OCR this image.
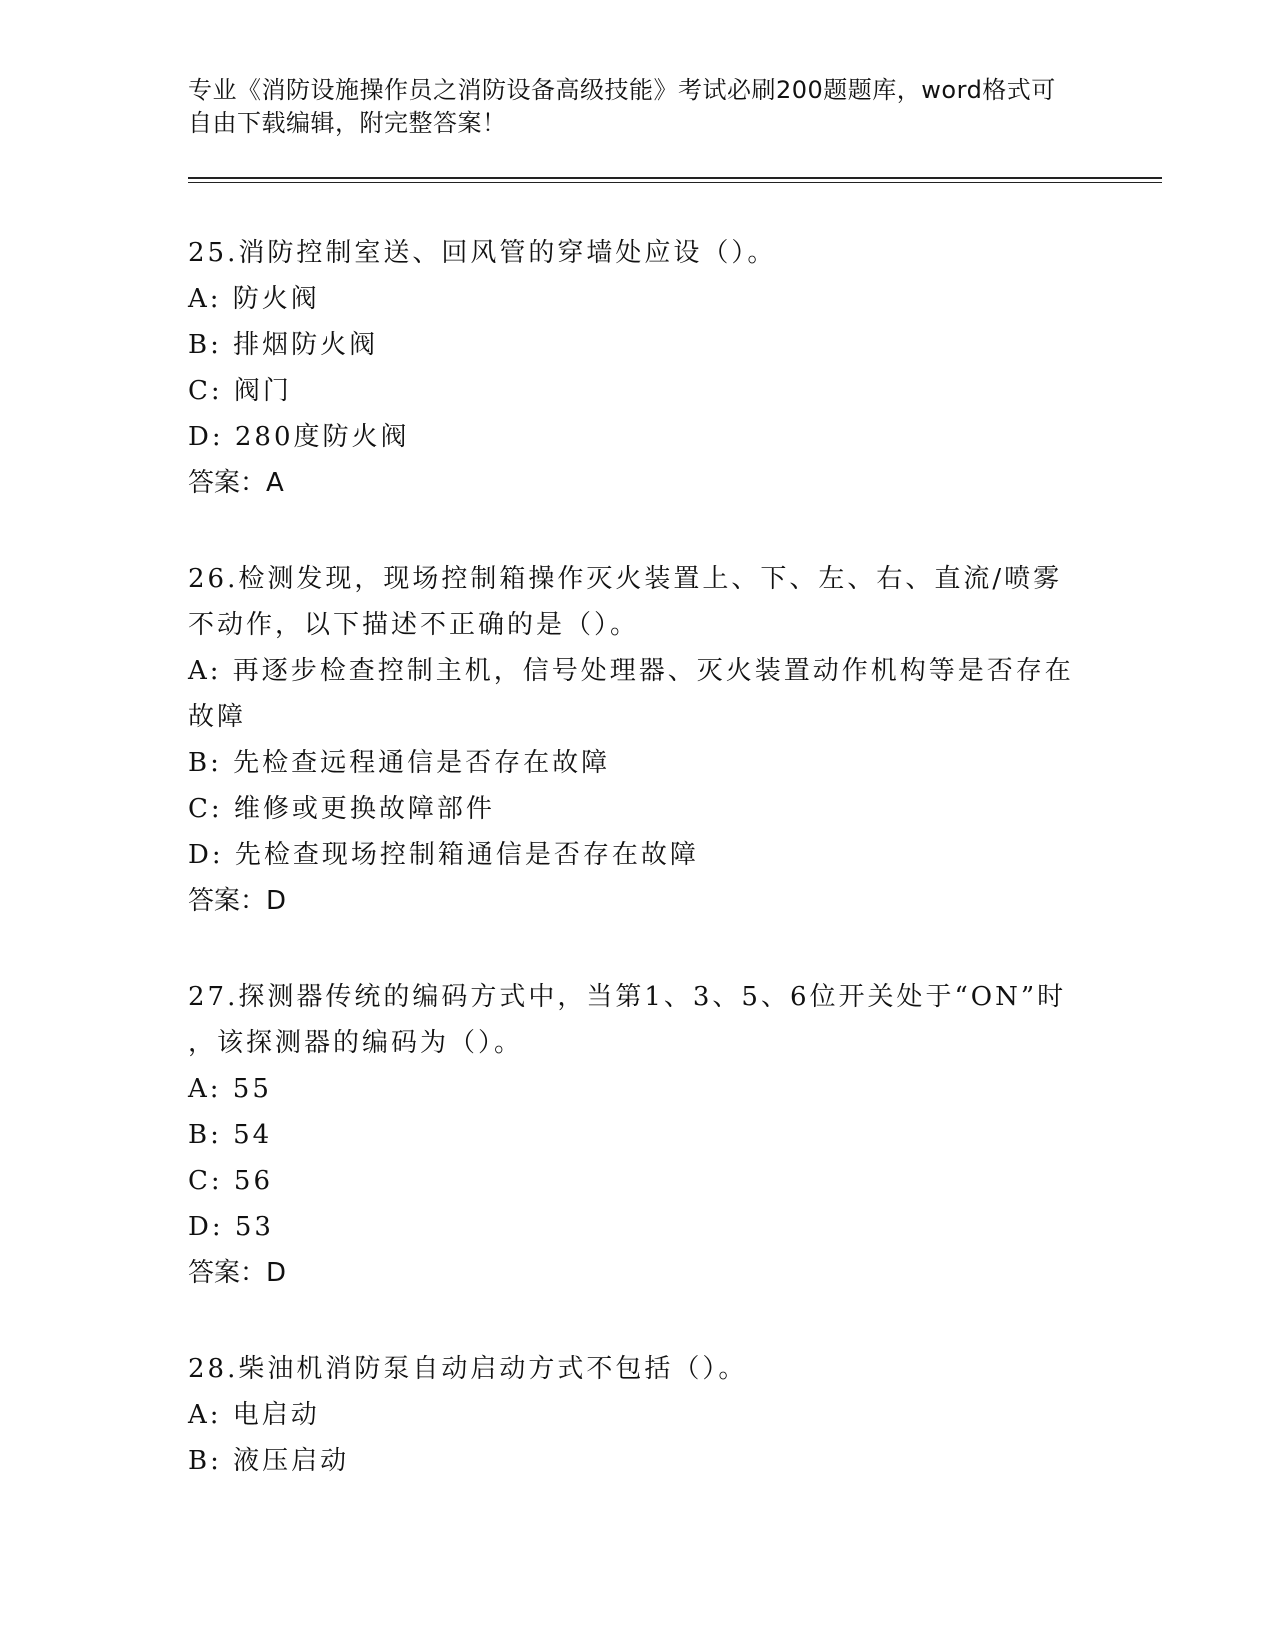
专业《消防设施操作员之消防设备高级技能》考试必刷200题题库，word格式可
自由下载编辑，附完整答案！
25.消防控制室送、回风管的穿墙处应设（）。
A: 防火阀
B: 排烟防火阀
C: 阀门
D: 280度防火阀
答案：A
26.检测发现，现场控制箱操作灭火装置上、下、左、右、直流/喷雾
不动作，以下描述不正确的是（）。
A: 再逐步检查控制主机，信号处理器、灭火装置动作机构等是否存在
故障
B: 先检查远程通信是否存在故障
C: 维修或更换故障部件
D: 先检查现场控制箱通信是否存在故障
答案：D
27.探测器传统的编码方式中，当第1、3、5、6位开关处于“ON”时
，该探测器的编码为（）。
A: 55
B: 54
C: 56
D: 53
答案：D
28.柴油机消防泵自动启动方式不包括（）。
A: 电启动
B: 液压启动
